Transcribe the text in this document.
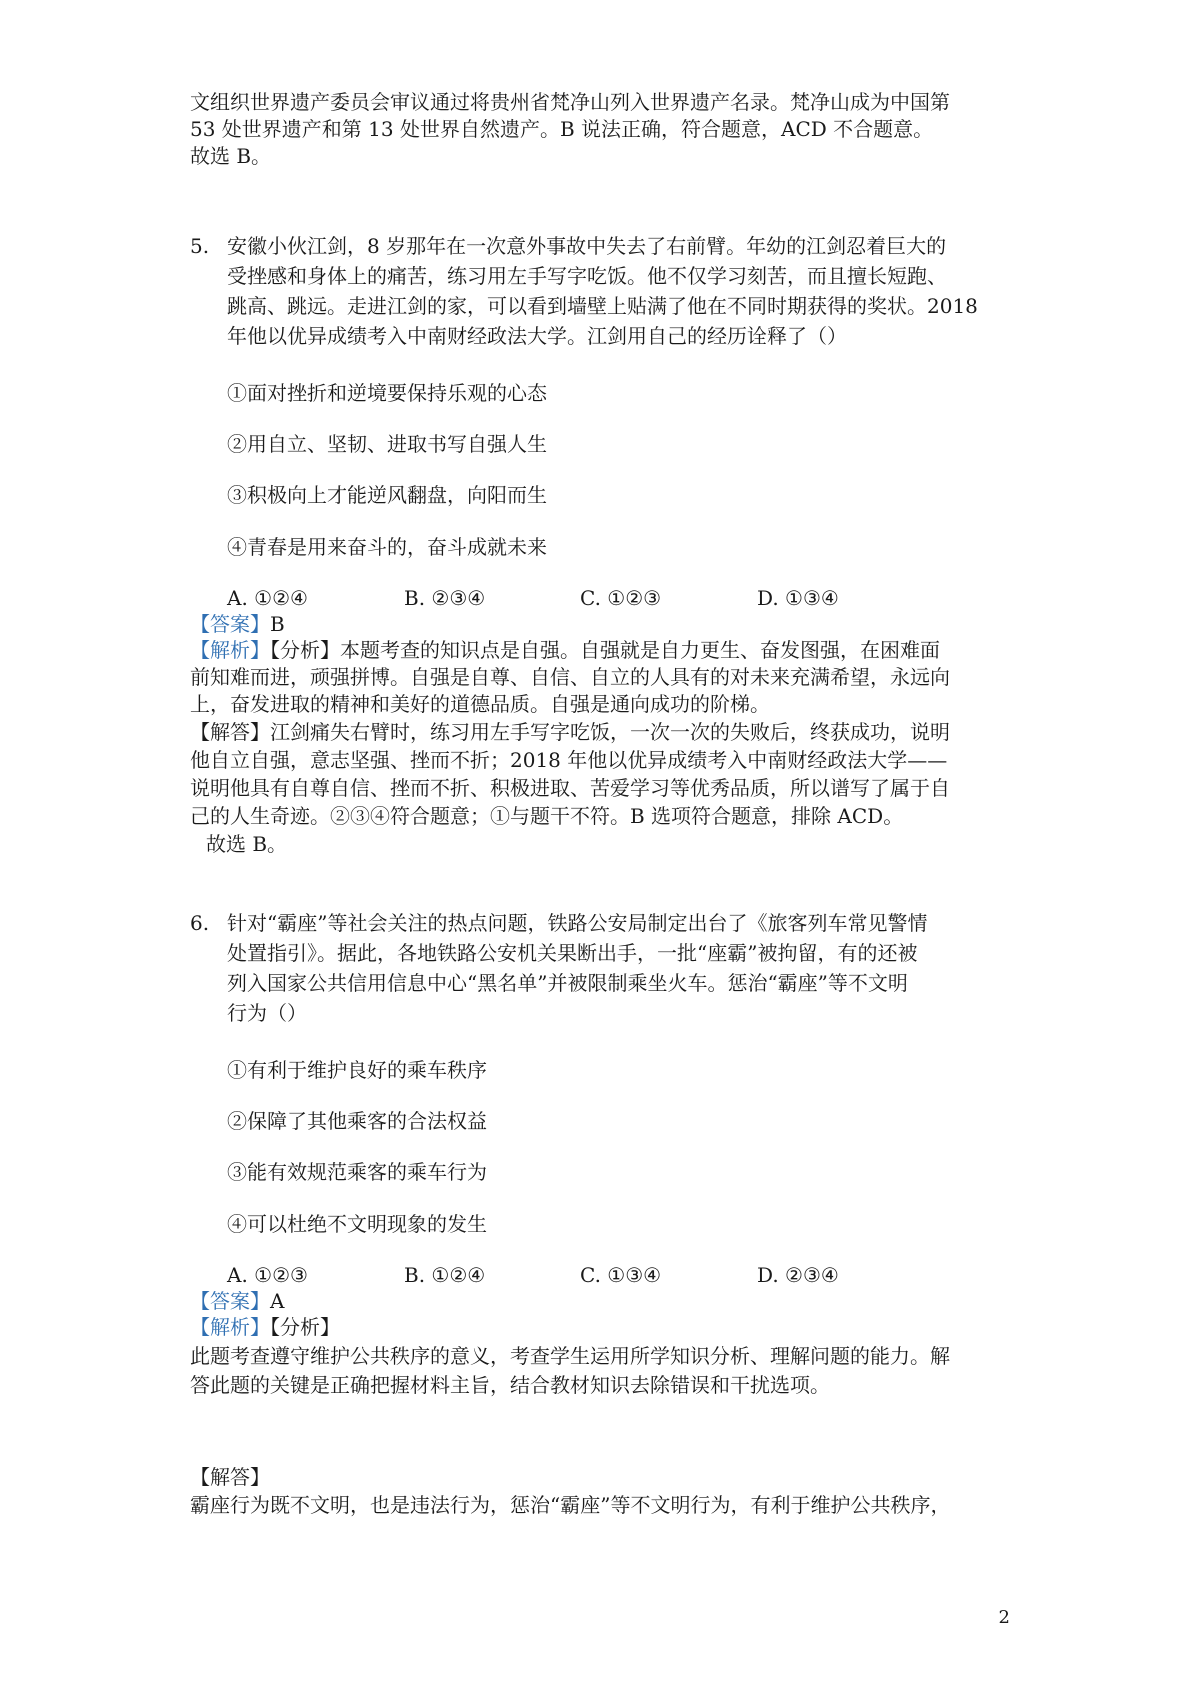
文组织世界遗产委员会审议通过将贵州省梵净山列入世界遗产名录。梵净山成为中国第
53 处世界遗产和第 13 处世界自然遗产。B 说法正确，符合题意，ACD 不合题意。
故选 B。
5. 安徽小伙江剑，8 岁那年在一次意外事故中失去了右前臂。年幼的江剑忍着巨大的
受挫感和身体上的痛苦，练习用左手写字吃饭。他不仅学习刻苦，而且擅长短跑、
跳高、跳远。走进江剑的家，可以看到墙壁上贴满了他在不同时期获得的奖状。2018
年他以优异成绩考入中南财经政法大学。江剑用自己的经历诠释了（）
①面对挫折和逆境要保持乐观的心态
②用自立、坚韧、进取书写自强人生
③积极向上才能逆风翻盘，向阳而生
④青春是用来奋斗的，奋斗成就未来
A. ①②④	B. ②③④	C. ①②③	D. ①③④
【答案】B
【解析】【分析】本题考查的知识点是自强。自强就是自力更生、奋发图强，在困难面
前知难而进，顽强拼博。自强是自尊、自信、自立的人具有的对未来充满希望，永远向
上，奋发进取的精神和美好的道德品质。自强是通向成功的阶梯。
【解答】江剑痛失右臂时，练习用左手写字吃饭，一次一次的失败后，终获成功，说明
他自立自强，意志坚强、挫而不折；2018 年他以优异成绩考入中南财经政法大学——
说明他具有自尊自信、挫而不折、积极进取、苦爱学习等优秀品质，所以谱写了属于自
己的人生奇迹。②③④符合题意；①与题干不符。B 选项符合题意，排除 ACD。
故选 B。
6. 针对“霸座”等社会关注的热点问题，铁路公安局制定出台了《旅客列车常见警情
处置指引》。据此，各地铁路公安机关果断出手，一批“座霸”被拘留，有的还被
列入国家公共信用信息中心“黑名单”并被限制乘坐火车。惩治“霸座”等不文明
行为（）
①有利于维护良好的乘车秩序
②保障了其他乘客的合法权益
③能有效规范乘客的乘车行为
④可以杜绝不文明现象的发生
A. ①②③	B. ①②④	C. ①③④	D. ②③④
【答案】A
【解析】【分析】
此题考查遵守维护公共秩序的意义，考查学生运用所学知识分析、理解问题的能力。解
答此题的关键是正确把握材料主旨，结合教材知识去除错误和干扰选项。
【解答】
霸座行为既不文明，也是违法行为，惩治“霸座”等不文明行为，有利于维护公共秩序，
2
